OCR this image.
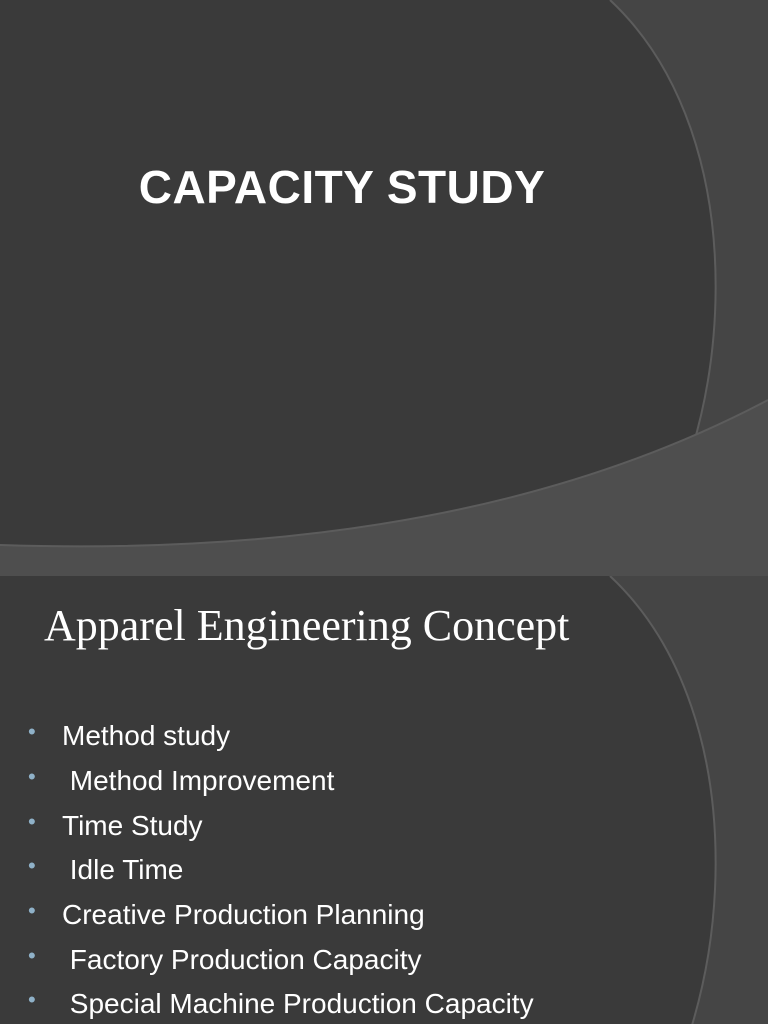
CAPACITY STUDY
Apparel Engineering Concept
• Method study
• Method Improvement
• Time Study
• Idle Time
• Creative Production Planning
• Factory Production Capacity
• Special Machine Production Capacity
